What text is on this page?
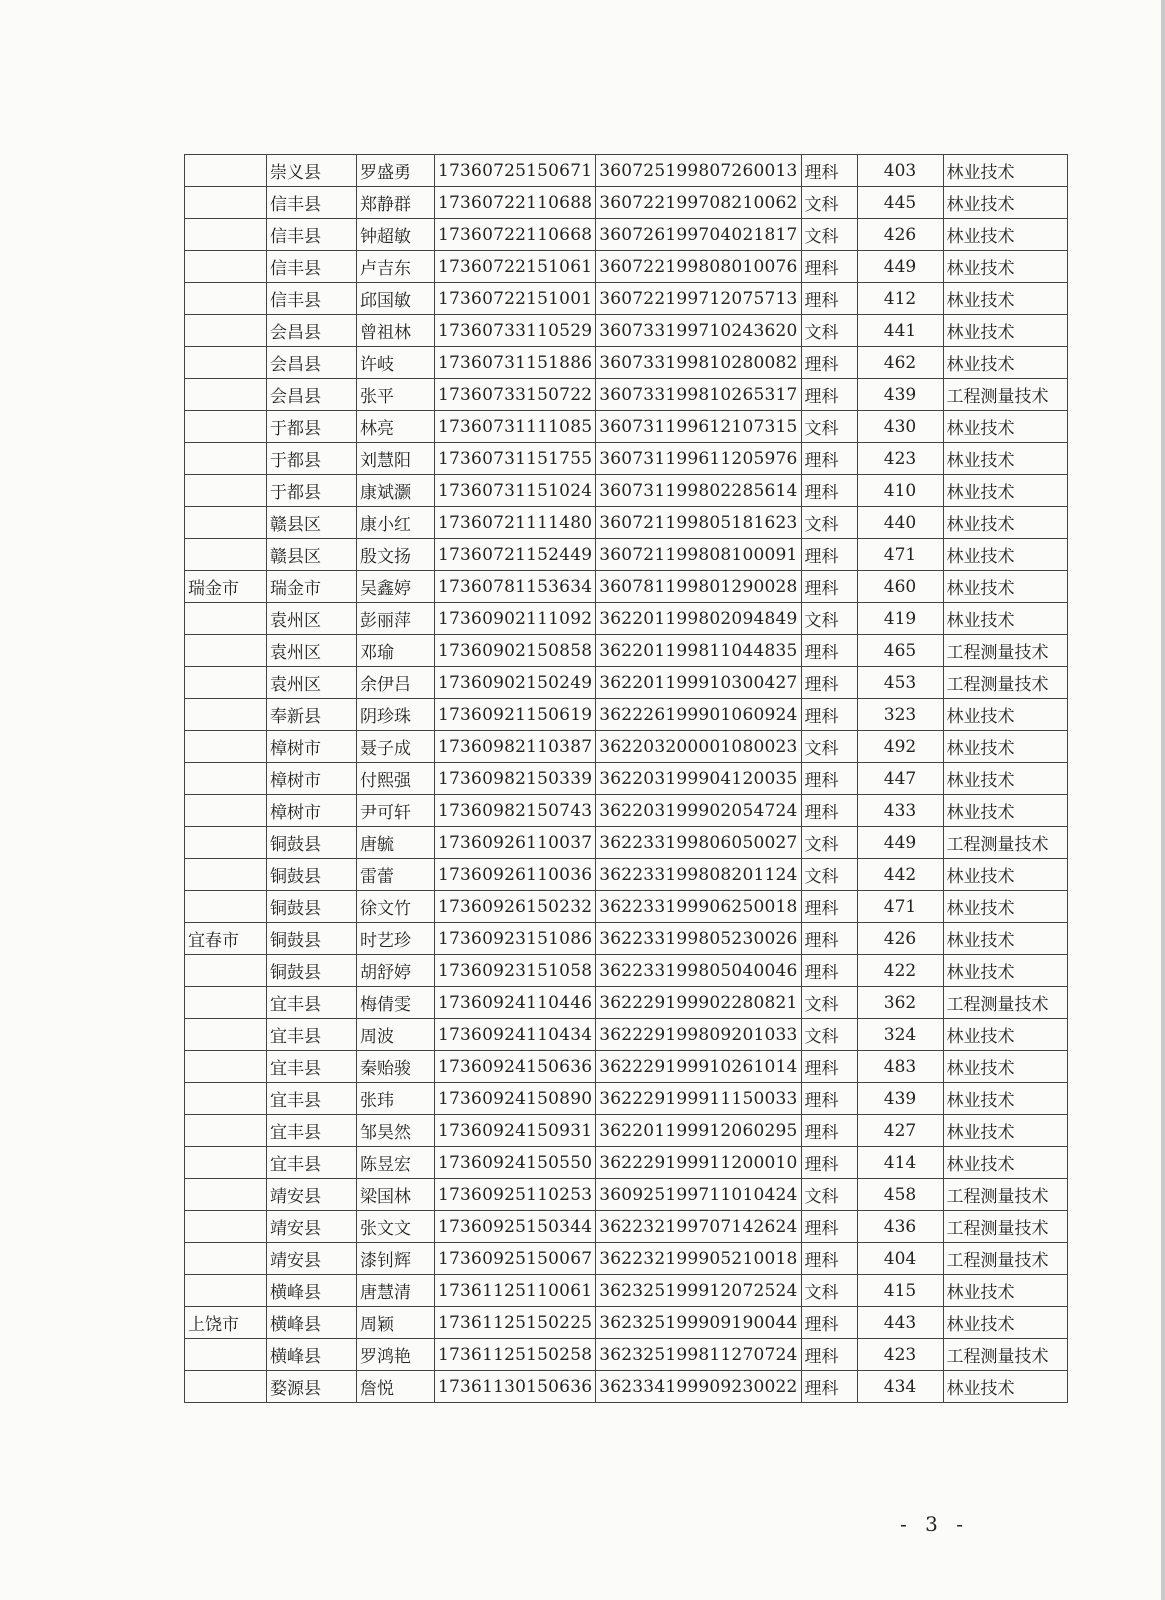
	崇义县	罗盛勇	17360725150671	360725199807260013	理科	403	林业技术
	信丰县	郑静群	17360722110688	360722199708210062	文科	445	林业技术
	信丰县	钟超敏	17360722110668	360726199704021817	文科	426	林业技术
	信丰县	卢吉东	17360722151061	360722199808010076	理科	449	林业技术
	信丰县	邱国敏	17360722151001	360722199712075713	理科	412	林业技术
	会昌县	曾祖林	17360733110529	360733199710243620	文科	441	林业技术
	会昌县	许岐	17360731151886	360733199810280082	理科	462	林业技术
	会昌县	张平	17360733150722	360733199810265317	理科	439	工程测量技术
	于都县	林亮	17360731111085	360731199612107315	文科	430	林业技术
	于都县	刘慧阳	17360731151755	360731199611205976	理科	423	林业技术
	于都县	康斌灏	17360731151024	360731199802285614	理科	410	林业技术
	赣县区	康小红	17360721111480	360721199805181623	文科	440	林业技术
	赣县区	殷文扬	17360721152449	360721199808100091	理科	471	林业技术
瑞金市	瑞金市	吴鑫婷	17360781153634	360781199801290028	理科	460	林业技术
	袁州区	彭丽萍	17360902111092	362201199802094849	文科	419	林业技术
	袁州区	邓瑜	17360902150858	362201199811044835	理科	465	工程测量技术
	袁州区	余伊吕	17360902150249	362201199910300427	理科	453	工程测量技术
	奉新县	阴珍珠	17360921150619	362226199901060924	理科	323	林业技术
	樟树市	聂子成	17360982110387	362203200001080023	文科	492	林业技术
	樟树市	付熙强	17360982150339	362203199904120035	理科	447	林业技术
	樟树市	尹可轩	17360982150743	362203199902054724	理科	433	林业技术
	铜鼓县	唐毓	17360926110037	362233199806050027	文科	449	工程测量技术
	铜鼓县	雷蕾	17360926110036	362233199808201124	文科	442	林业技术
	铜鼓县	徐文竹	17360926150232	362233199906250018	理科	471	林业技术
宜春市	铜鼓县	时艺珍	17360923151086	362233199805230026	理科	426	林业技术
	铜鼓县	胡舒婷	17360923151058	362233199805040046	理科	422	林业技术
	宜丰县	梅倩雯	17360924110446	362229199902280821	文科	362	工程测量技术
	宜丰县	周波	17360924110434	362229199809201033	文科	324	林业技术
	宜丰县	秦贻骏	17360924150636	362229199910261014	理科	483	林业技术
	宜丰县	张玮	17360924150890	362229199911150033	理科	439	林业技术
	宜丰县	邹昊然	17360924150931	362201199912060295	理科	427	林业技术
	宜丰县	陈昱宏	17360924150550	362229199911200010	理科	414	林业技术
	靖安县	梁国林	17360925110253	360925199711010424	文科	458	工程测量技术
	靖安县	张文文	17360925150344	362232199707142624	理科	436	工程测量技术
	靖安县	漆钊辉	17360925150067	362232199905210018	理科	404	工程测量技术
	横峰县	唐慧清	17361125110061	362325199912072524	文科	415	林业技术
上饶市	横峰县	周颖	17361125150225	362325199909190044	理科	443	林业技术
	横峰县	罗鸿艳	17361125150258	362325199811270724	理科	423	工程测量技术
	婺源县	詹悦	17361130150636	362334199909230022	理科	434	林业技术
- 3 -
